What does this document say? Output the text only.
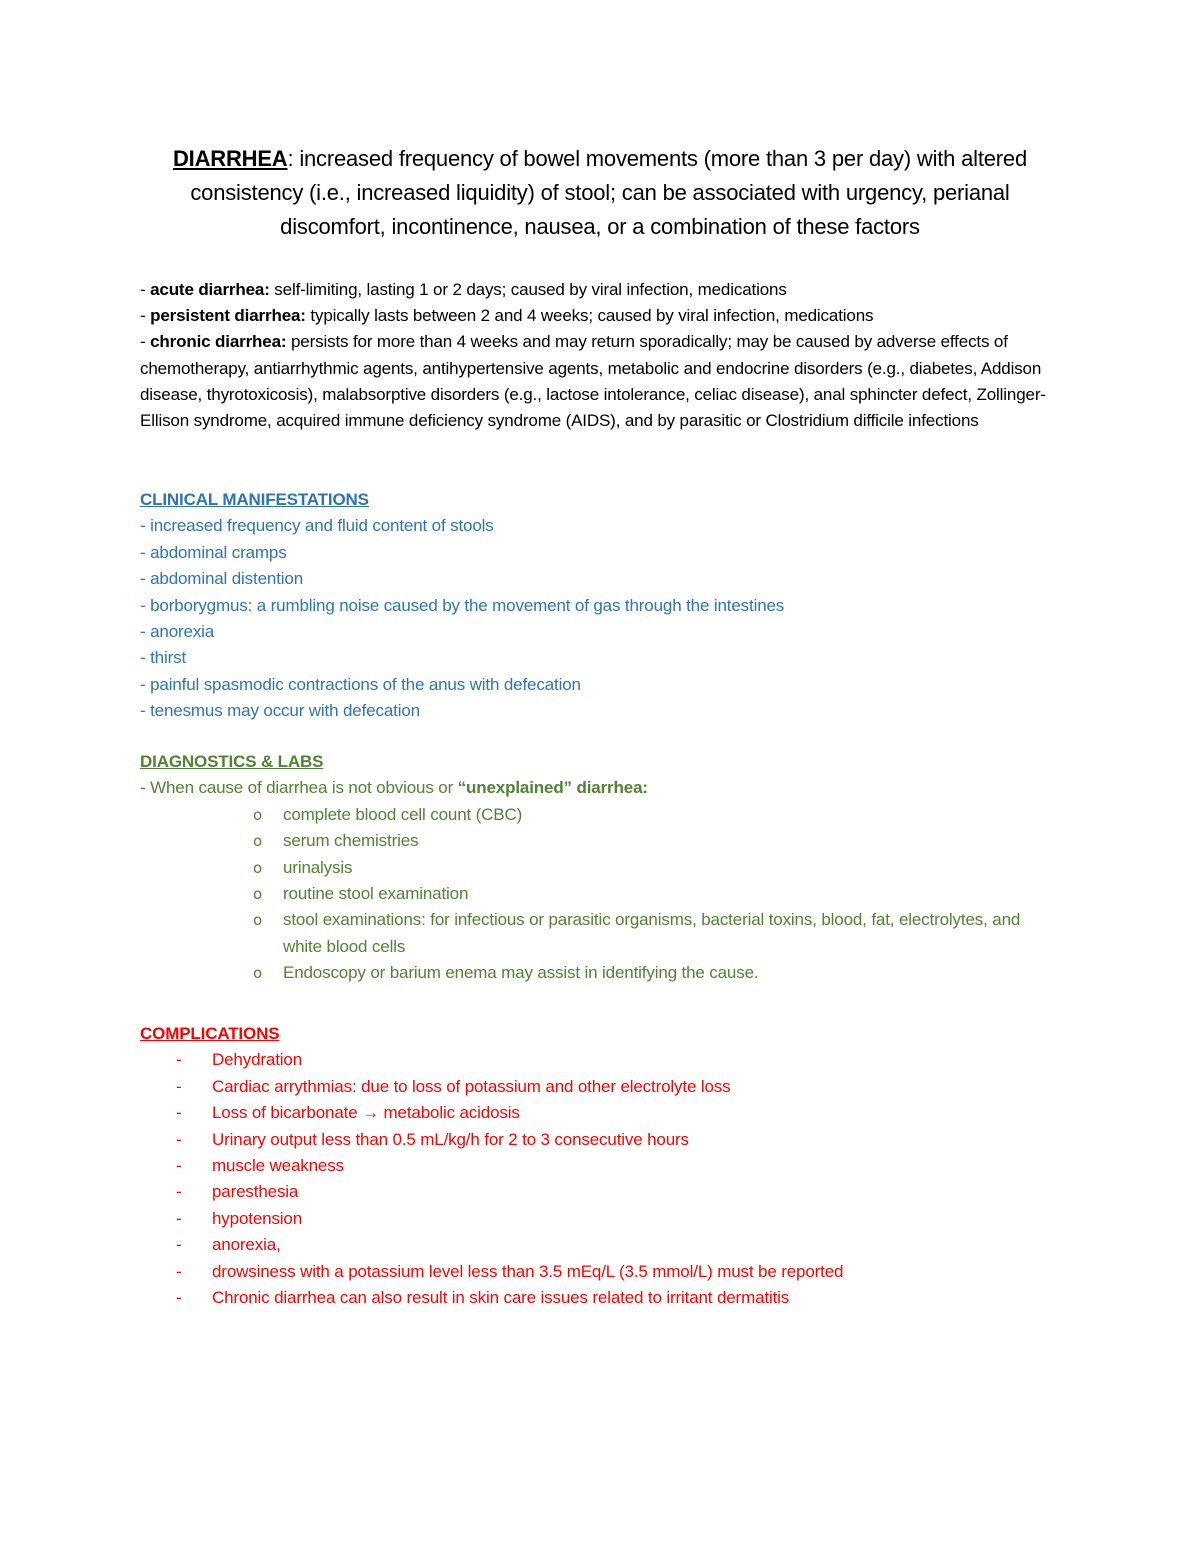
DIARRHEA: increased frequency of bowel movements (more than 3 per day) with altered consistency (i.e., increased liquidity) of stool; can be associated with urgency, perianal discomfort, incontinence, nausea, or a combination of these factors
- acute diarrhea: self-limiting, lasting 1 or 2 days; caused by viral infection, medications
- persistent diarrhea: typically lasts between 2 and 4 weeks; caused by viral infection, medications
- chronic diarrhea: persists for more than 4 weeks and may return sporadically; may be caused by adverse effects of chemotherapy, antiarrhythmic agents, antihypertensive agents, metabolic and endocrine disorders (e.g., diabetes, Addison disease, thyrotoxicosis), malabsorptive disorders (e.g., lactose intolerance, celiac disease), anal sphincter defect, Zollinger-Ellison syndrome, acquired immune deficiency syndrome (AIDS), and by parasitic or Clostridium difficile infections
CLINICAL MANIFESTATIONS
- increased frequency and fluid content of stools
- abdominal cramps
- abdominal distention
- borborygmus: a rumbling noise caused by the movement of gas through the intestines
- anorexia
- thirst
- painful spasmodic contractions of the anus with defecation
- tenesmus may occur with defecation
DIAGNOSTICS & LABS
- When cause of diarrhea is not obvious or “unexplained” diarrhea:
o complete blood cell count (CBC)
o serum chemistries
o urinalysis
o routine stool examination
o stool examinations: for infectious or parasitic organisms, bacterial toxins, blood, fat, electrolytes, and white blood cells
o Endoscopy or barium enema may assist in identifying the cause.
COMPLICATIONS
- Dehydration
- Cardiac arrythmias: due to loss of potassium and other electrolyte loss
- Loss of bicarbonate → metabolic acidosis
- Urinary output less than 0.5 mL/kg/h for 2 to 3 consecutive hours
- muscle weakness
- paresthesia
- hypotension
- anorexia,
- drowsiness with a potassium level less than 3.5 mEq/L (3.5 mmol/L) must be reported
- Chronic diarrhea can also result in skin care issues related to irritant dermatitis
